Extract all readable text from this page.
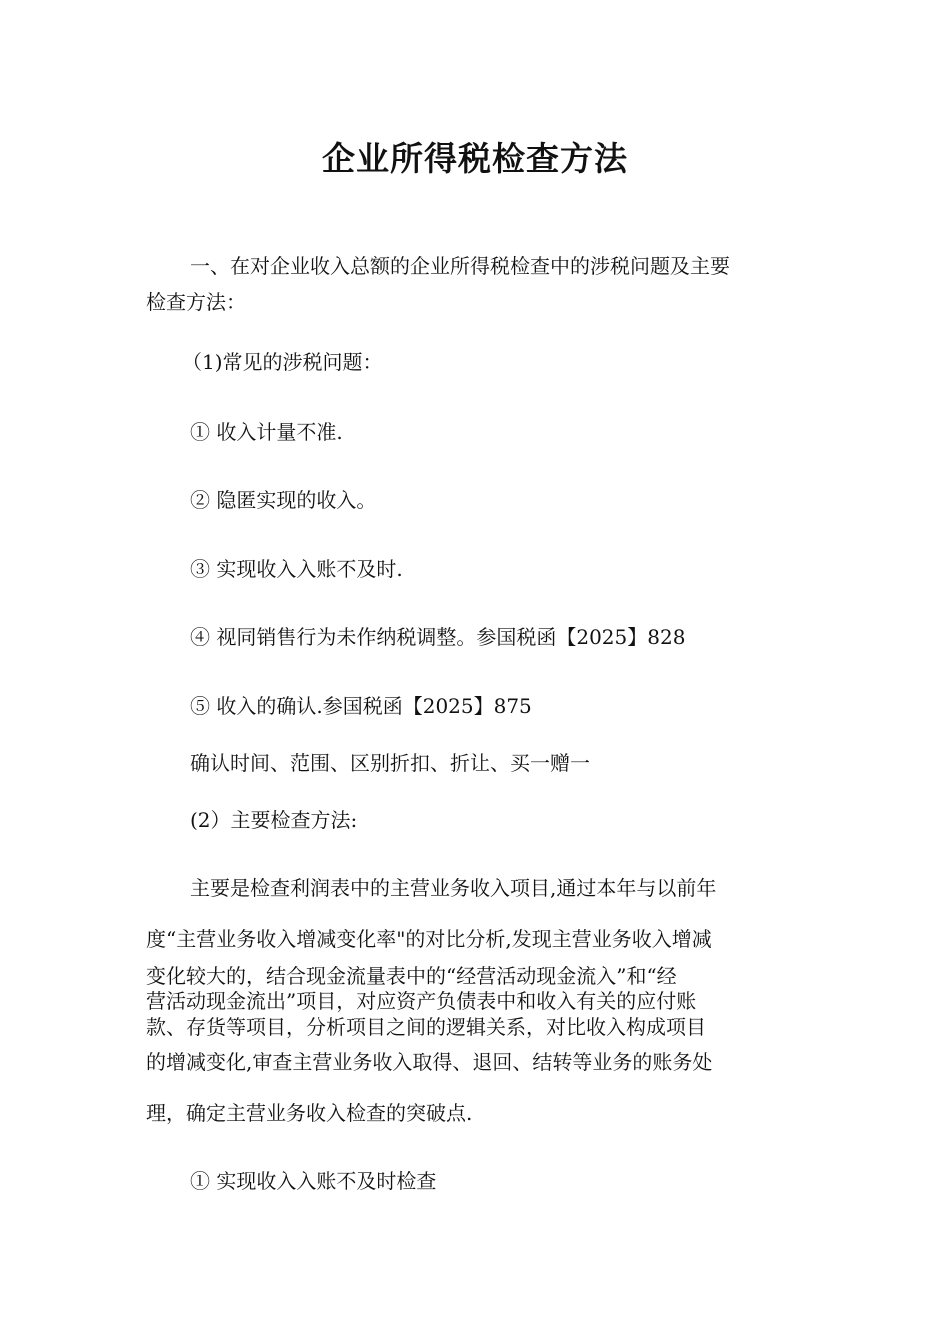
企业所得税检查方法
一、在对企业收入总额的企业所得税检查中的涉税问题及主要
检查方法：
（1)常见的涉税问题：
① 收入计量不准.
② 隐匿实现的收入。
③ 实现收入入账不及时.
④ 视同销售行为未作纳税调整。参国税函【2025】828
⑤ 收入的确认.参国税函【2025】875
确认时间、范围、区别折扣、折让、买一赠一
(2）主要检查方法:
主要是检查利润表中的主营业务收入项目,通过本年与以前年
度“主营业务收入增减变化率"的对比分析,发现主营业务收入增减
变化较大的，结合现金流量表中的“经营活动现金流入”和“经
营活动现金流出”项目，对应资产负债表中和收入有关的应付账
款、存货等项目，分析项目之间的逻辑关系，对比收入构成项目
的增减变化,审查主营业务收入取得、退回、结转等业务的账务处
理，确定主营业务收入检查的突破点.
① 实现收入入账不及时检查
